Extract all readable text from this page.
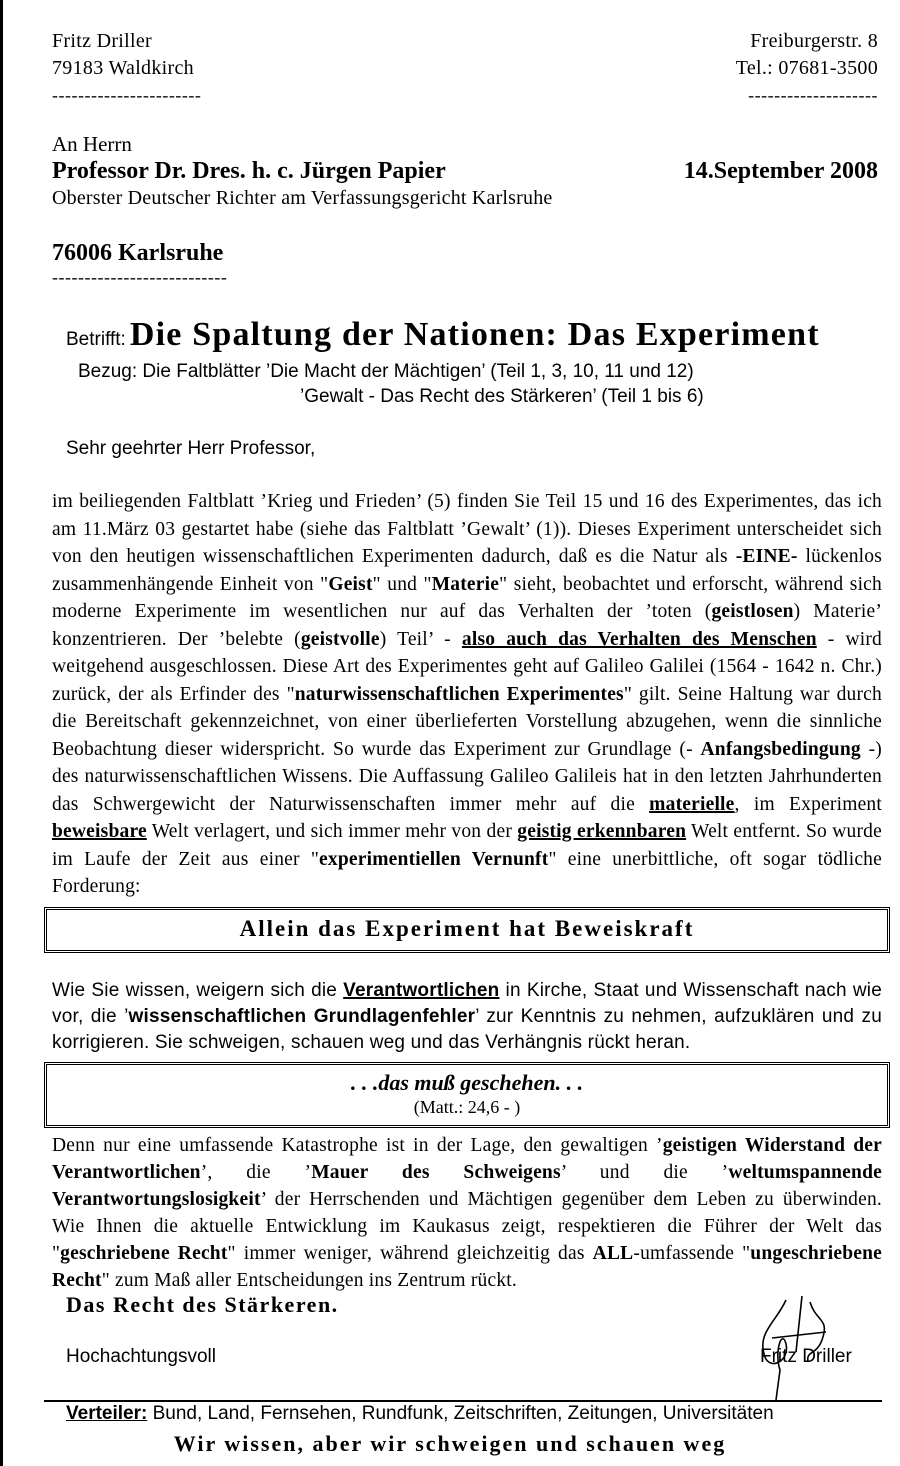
Fritz Driller
79183 Waldkirch
-----------------------
Freiburgerstr. 8
Tel.: 07681-3500
--------------------
An Herrn
Professor Dr. Dres. h. c. Jürgen Papier	14.September 2008
Oberster Deutscher Richter am Verfassungsgericht Karlsruhe
76006 Karlsruhe
---------------------------
Betrifft: Die Spaltung der Nationen: Das Experiment
Bezug: Die Faltblätter ’Die Macht der Mächtigen’ (Teil 1, 3, 10, 11 und 12)
’Gewalt - Das Recht des Stärkeren’ (Teil 1 bis 6)
Sehr geehrter Herr Professor,
im beiliegenden Faltblatt ’Krieg und Frieden’ (5) finden Sie Teil 15 und 16 des Experimentes, das ich am 11.März 03 gestartet habe (siehe das Faltblatt ’Gewalt’ (1)). Dieses Experiment unterscheidet sich von den heutigen wissenschaftlichen Experimenten dadurch, daß es die Natur als -EINE- lückenlos zusammenhängende Einheit von "Geist" und "Materie" sieht, beobachtet und erforscht, während sich moderne Experimente im wesentlichen nur auf das Verhalten der ’toten (geistlosen) Materie’ konzentrieren. Der ’belebte (geistvolle) Teil’ - also auch das Verhalten des Menschen - wird weitgehend ausgeschlossen. Diese Art des Experimentes geht auf Galileo Galilei (1564 - 1642 n. Chr.) zurück, der als Erfinder des "naturwissenschaftlichen Experimentes" gilt. Seine Haltung war durch die Bereitschaft gekennzeichnet, von einer überlieferten Vorstellung abzugehen, wenn die sinnliche Beobachtung dieser widerspricht. So wurde das Experiment zur Grundlage (- Anfangsbedingung -) des naturwissenschaftlichen Wissens. Die Auffassung Galileo Galileis hat in den letzten Jahrhunderten das Schwergewicht der Naturwissenschaften immer mehr auf die materielle, im Experiment beweisbare Welt verlagert, und sich immer mehr von der geistig erkennbaren Welt entfernt. So wurde im Laufe der Zeit aus einer "experimentiellen Vernunft" eine unerbittliche, oft sogar tödliche Forderung:
Allein das Experiment hat Beweiskraft
Wie Sie wissen, weigern sich die Verantwortlichen in Kirche, Staat und Wissenschaft nach wie vor, die ’wissenschaftlichen Grundlagenfehler’ zur Kenntnis zu nehmen, aufzuklären und zu korrigieren. Sie schweigen, schauen weg und das Verhängnis rückt heran.
. . .das muß geschehen. . .
(Matt.: 24,6 - )
Denn nur eine umfassende Katastrophe ist in der Lage, den gewaltigen ’geistigen Widerstand der Verantwortlichen’, die ’Mauer des Schweigens’ und die ’weltumspannende Verantwortungslosigkeit’ der Herrschenden und Mächtigen gegenüber dem Leben zu überwinden. Wie Ihnen die aktuelle Entwicklung im Kaukasus zeigt, respektieren die Führer der Welt das "geschriebene Recht" immer weniger, während gleichzeitig das ALL-umfassende "ungeschriebene Recht" zum Maß aller Entscheidungen ins Zentrum rückt.
Das Recht des Stärkeren.
Hochachtungsvoll	Fritz Driller
Verteiler: Bund, Land, Fernsehen, Rundfunk, Zeitschriften, Zeitungen, Universitäten
Wir wissen, aber wir schweigen und schauen weg
